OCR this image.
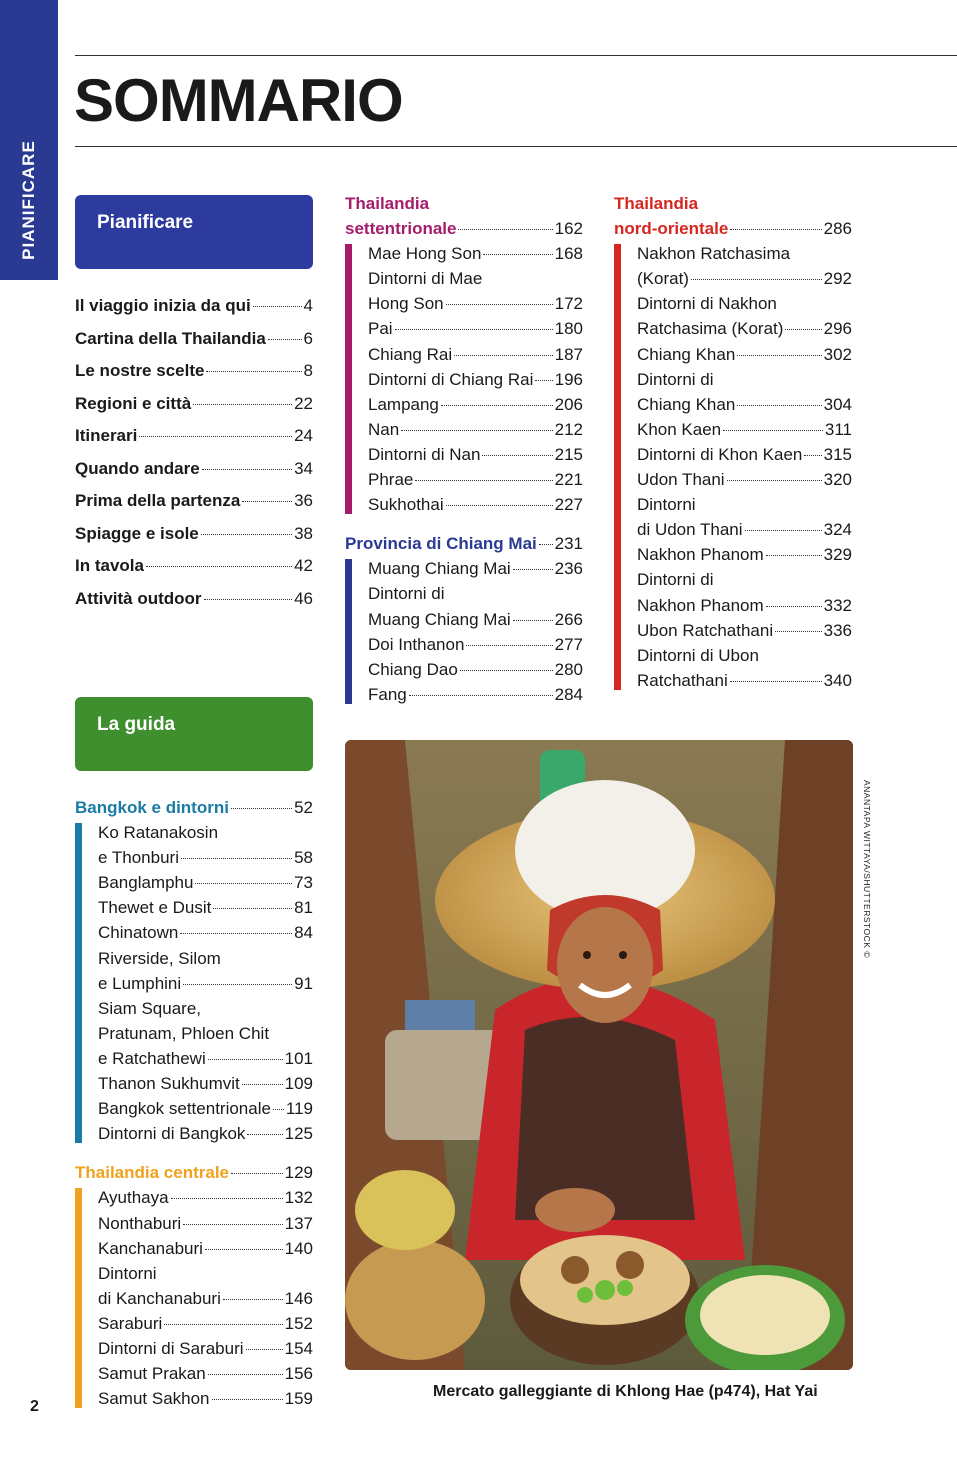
PIANIFICARE
SOMMARIO
Pianificare
Il viaggio inizia da qui	4
Cartina della Thailandia 6
Le nostre scelte	8
Regioni e città	22
Itinerari	24
Quando andare	34
Prima della partenza	36
Spiagge e isole	38
In tavola	42
Attività outdoor	46
La guida
Bangkok e dintorni	52
Ko Ratanakosin
e Thonburi	58
Banglamphu	73
Thewet e Dusit	81
Chinatown	84
Riverside, Silom
e Lumphini	91
Siam Square,
Pratunam, Phloen Chit
e Ratchathewi	101
Thanon Sukhumvit	109
Bangkok settentrionale 119
Dintorni di Bangkok 125
Thailandia centrale	129
Ayuthaya	132
Nonthaburi	137
Kanchanaburi	140
Dintorni
di Kanchanaburi	146
Saraburi	152
Dintorni di Saraburi 154
Samut Prakan	156
Samut Sakhon	159
Thailandia
settentrionale	162
Mae Hong Son	168
Dintorni di Mae
Hong Son	172
Pai	180
Chiang Rai	187
Dintorni di Chiang Rai 196
Lampang	206
Nan	212
Dintorni di Nan	215
Phrae	221
Sukhothai	227
Provincia di Chiang Mai 231
Muang Chiang Mai	236
Dintorni di
Muang Chiang Mai	266
Doi Inthanon	277
Chiang Dao	280
Fang	284
Thailandia
nord-orientale	286
Nakhon Ratchasima
(Korat)	292
Dintorni di Nakhon
Ratchasima (Korat) 296
Chiang Khan	302
Dintorni di
Chiang Khan	304
Khon Kaen	311
Dintorni di Khon Kaen 315
Udon Thani	320
Dintorni
di Udon Thani	324
Nakhon Phanom	329
Dintorni di
Nakhon Phanom	332
Ubon Ratchathani	336
Dintorni di Ubon
Ratchathani	340
ANANTAPA WITTAYA/SHUTTERSTOCK ©
Mercato galleggiante di Khlong Hae (p474), Hat Yai
2
